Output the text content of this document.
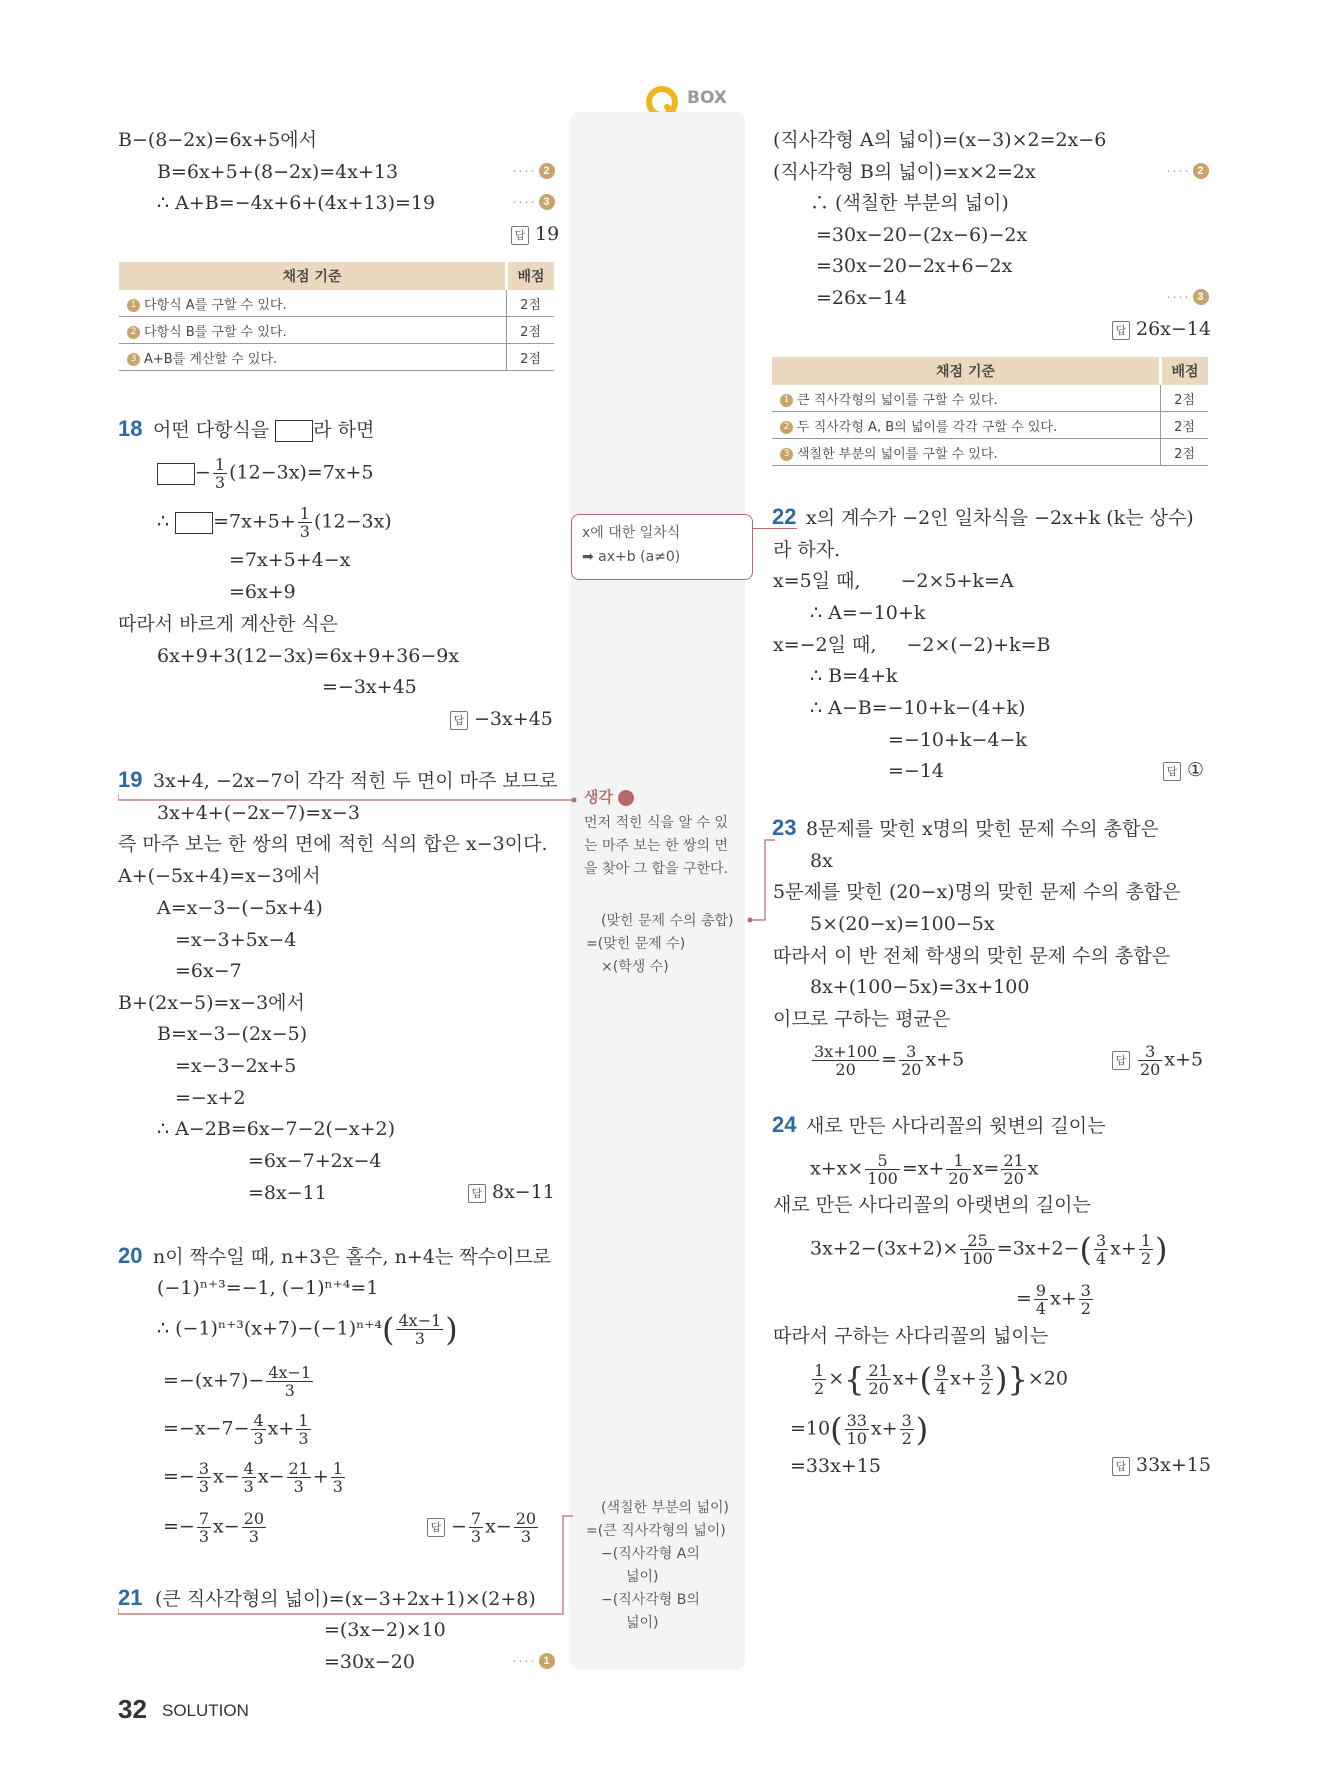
BOX
B−(8−2x)=6x+5에서
B=6x+5+(8−2x)=4x+13	···· 2
∴ A+B=−4x+6+(4x+13)=19	···· 3
답 19
채점 기준	배점
1 다항식 A를 구할 수 있다.	2점
2 다항식 B를 구할 수 있다.	2점
3 A+B를 계산할 수 있다.	2점
18 어떤 다항식을 라 하면
− $\frac{1}{3} (12-3x)=7x+5$
∴ $=7x+5+ \frac{1}{3} (12-3x)$
=7x+5+4−x
=6x+9
따라서 바르게 계산한 식은
6x+9+3(12−3x)=6x+9+36−9x
=−3x+45
답 −3x+45
19 3x+4, −2x−7이 각각 적힌 두 면이 마주 보므로
3x+4+(−2x−7)=x−3
즉 마주 보는 한 쌍의 면에 적힌 식의 합은 x−3이다.
A+(−5x+4)=x−3에서
A=x−3−(−5x+4)
=x−3+5x−4
=6x−7
B+(2x−5)=x−3에서
B=x−3−(2x−5)
=x−3−2x+5
=−x+2
∴ A−2B=6x−7−2(−x+2)
=6x−7+2x−4
=8x−11	답 8x−11
20 n이 짝수일 때, n+3은 홀수, n+4는 짝수이므로
(−1)ⁿ⁺³=−1, (−1)ⁿ⁺⁴=1
∴ $(-1)^{n+3}(x+7)-(-1)^{n+4}( \frac{4x-1}{3}$ )
$=-(x+7)- \frac{4x-1}{3}$
$=-x-7- \frac{4}{3} x+ \frac{1}{3}$
=− $\frac{3}{3} x- \frac{4}{3} x- \frac{21}{3} + \frac{1}{3}$
=− $\frac{7}{3} x- \frac{20}{3}$	답 − $\frac{7}{3} x- \frac{20}{3}$
21 (큰 직사각형의 넓이)=(x−3+2x+1)×(2+8)
=(3x−2)×10
=30x−20	···· 1
32 SOLUTION
x에 대한 일차식
➡ ax+b (a≠0)
생각
먼저 적힌 식을 알 수 있
는 마주 보는 한 쌍의 면
을 찾아 그 합을 구한다.
(맞힌 문제 수의 총합)
=(맞힌 문제 수)
×(학생 수)
(색칠한 부분의 넓이)
=(큰 직사각형의 넓이)
−(직사각형 A의
넓이)
−(직사각형 B의
넓이)
(직사각형 A의 넓이)=(x−3)×2=2x−6
(직사각형 B의 넓이)=x×2=2x	···· 2
∴ (색칠한 부분의 넓이)
=30x−20−(2x−6)−2x
=30x−20−2x+6−2x
=26x−14	···· 3
답 26x−14
채점 기준	배점
1 큰 직사각형의 넓이를 구할 수 있다.	2점
2 두 직사각형 A, B의 넓이를 각각 구할 수 있다.	2점
3 색칠한 부분의 넓이를 구할 수 있다.	2점
22 x의 계수가 −2인 일차식을 −2x+k (k는 상수)
라 하자.
x=5일 때, −2×5+k=A
∴ A=−10+k
x=−2일 때, −2×(−2)+k=B
∴ B=4+k
∴ A−B=−10+k−(4+k)
=−10+k−4−k
=−14	답 ①
23 8문제를 맞힌 x명의 맞힌 문제 수의 총합은
8x
5문제를 맞힌 (20−x)명의 맞힌 문제 수의 총합은
5×(20−x)=100−5x
따라서 이 반 전체 학생의 맞힌 문제 수의 총합은
8x+(100−5x)=3x+100
이므로 구하는 평균은
$\frac{3x+100}{20} = \frac{3}{20} x+5$	답 $\frac{3}{20} x+5$
24 새로 만든 사다리꼴의 윗변의 길이는
$x+x\times \frac{5}{100} =x+ \frac{1}{20} x= \frac{21}{20}$ x
새로 만든 사다리꼴의 아랫변의 길이는
$3x+2-(3x+2)\times \frac{25}{100} =3x+2-( \frac{3}{4} x+ \frac{1}{2}$ )
= $\frac{9}{4} x+ \frac{3}{2}$
따라서 구하는 사다리꼴의 넓이는
$\frac{1}{2}$ ×{ $\frac{21}{20} x+( \frac{9}{4} x+ \frac{3}{2} )\}\times 20$
$=10( \frac{33}{10} x+ \frac{3}{2}$ )
=33x+15	답 33x+15
